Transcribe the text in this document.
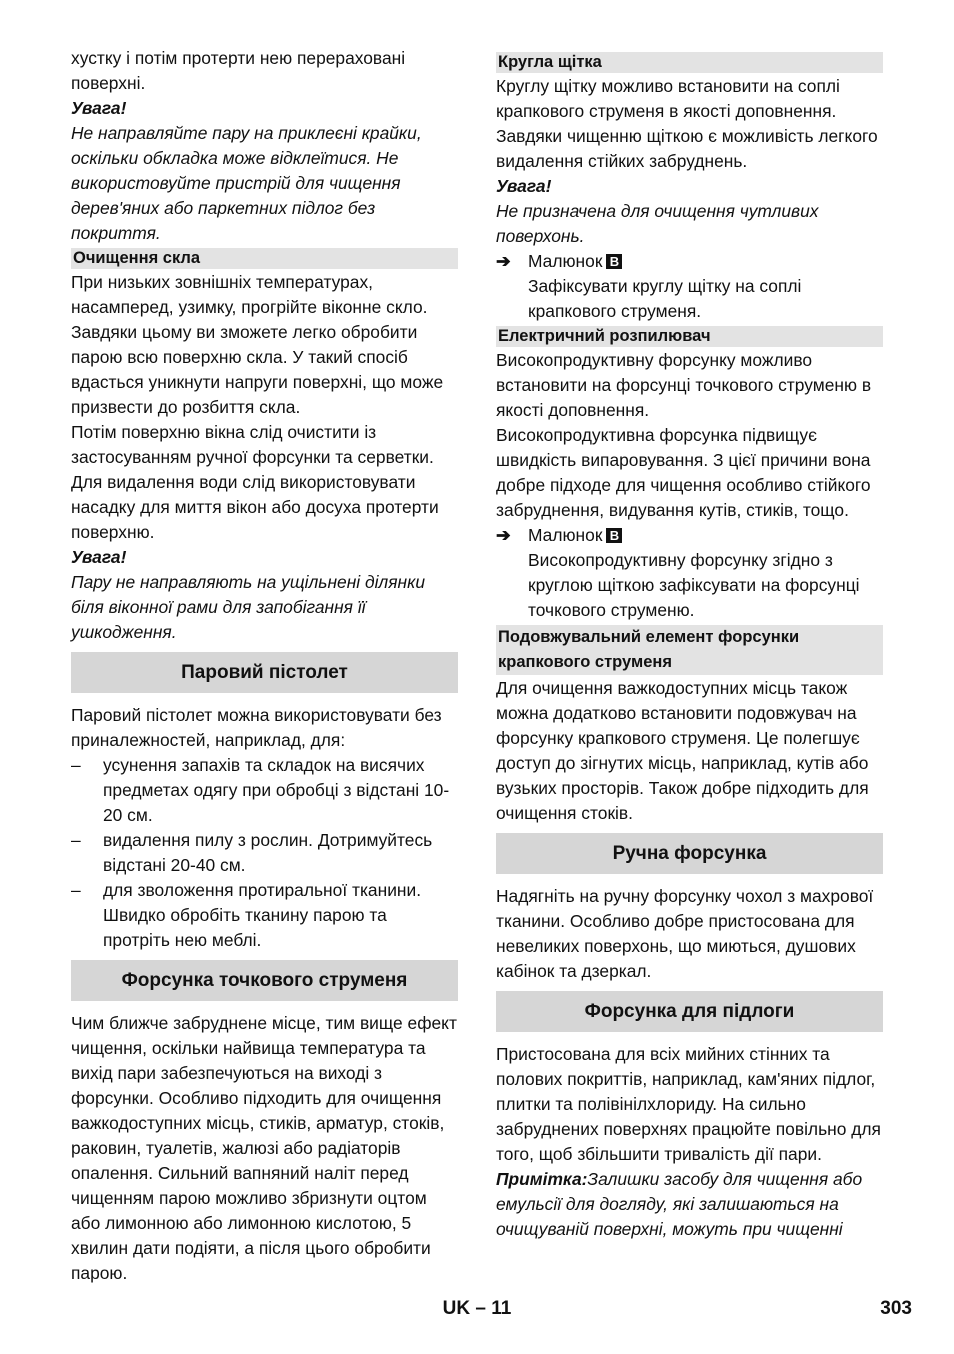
хустку і потім протерти нею перераховані поверхні.

Увага!

Не направляйте пару на приклеєні крайки, оскільки обкладка може відклеїтися. Не використовуйте пристрій для чищення дерев'яних або паркетних підлог без покриття.

Очищення скла

При низьких зовнішніх температурах, насамперед, узимку, прогрійте віконне скло. Завдяки цьому ви зможете легко обробити парою всю поверхню скла. У такий спосіб вдасться уникнути напруги поверхні, що може призвести до розбиття скла.

Потім поверхню вікна слід очистити із застосуванням ручної форсунки та серветки. Для видалення води слід використовувати насадку для миття вікон або досуха протерти поверхню.

Увага!

Пару не направляють на ущільнені ділянки біля віконної рами для запобігання її ушкодження.

Паровий пістолет

Паровий пістолет можна використовувати без приналежностей, наприклад, для:

–	усунення запахів та складок на висячих предметах одягу при обробці з відстані 10-20 см.
–	видалення пилу з рослин. Дотримуйтесь відстані 20-40 см.
–	для зволоження протиральної тканини. Швидко обробіть тканину парою та протріть нею меблі.
Форсунка точкового струменя

Чим ближче забруднене місце, тим вище ефект чищення, оскільки найвища температура та вихід пари забезпечуються на виході з форсунки. Особливо підходить для очищення важкодоступних місць, стиків, арматур, стоків, раковин, туалетів, жалюзі або радіаторів опалення. Сильний вапняний наліт перед чищенням парою можливо збризнути оцтом або лимонною або лимонною кислотою, 5 хвилин дати подіяти, а після цього обробити парою.

Кругла щітка

Круглу щітку можливо встановити на соплі крапкового струменя в якості доповнення. Завдяки чищенню щіткою є можливість легкого видалення стійких забруднень.

Увага!

Не призначена для очищення чутливих поверхонь.

➔	Малюнок B

Зафіксувати круглу щітку на соплі крапкового струменя.

Електричний розпилювач

Високопродуктивну форсунку можливо встановити на форсунці точкового струменю в якості доповнення.

Високопродуктивна форсунка підвищує швидкість випаровування. З цієї причини вона добре підходе для чищення особливо стійкого забруднення, видування кутів, стиків, тощо.

➔	Малюнок B

Високопродуктивну форсунку згідно з круглою щіткою зафіксувати на форсунці точкового струменю.

Подовжувальний елемент форсунки крапкового струменя

Для очищення важкодоступних місць також можна додатково встановити подовжувач на форсунку крапкового струменя. Це полегшує доступ до зігнутих місць, наприклад, кутів або вузьких просторів. Також добре підходить для очищення стоків.

Ручна форсунка

Надягніть на ручну форсунку чохол з махрової тканини. Особливо добре пристосована для невеликих поверхонь, що миються, душових кабінок та дзеркал.

Форсунка для підлоги

Пристосована для всіх мийних стінних та полових покриттів, наприклад, кам'яних підлог, плитки та полівінілхлориду. На сильно забруднених поверхнях працюйте повільно для того, щоб збільшити тривалість дії пари.

Примітка:Залишки засобу для чищення або емульсії для догляду, які залишаються на очищуваній поверхні, можуть при чищенні

UK – 11	303
